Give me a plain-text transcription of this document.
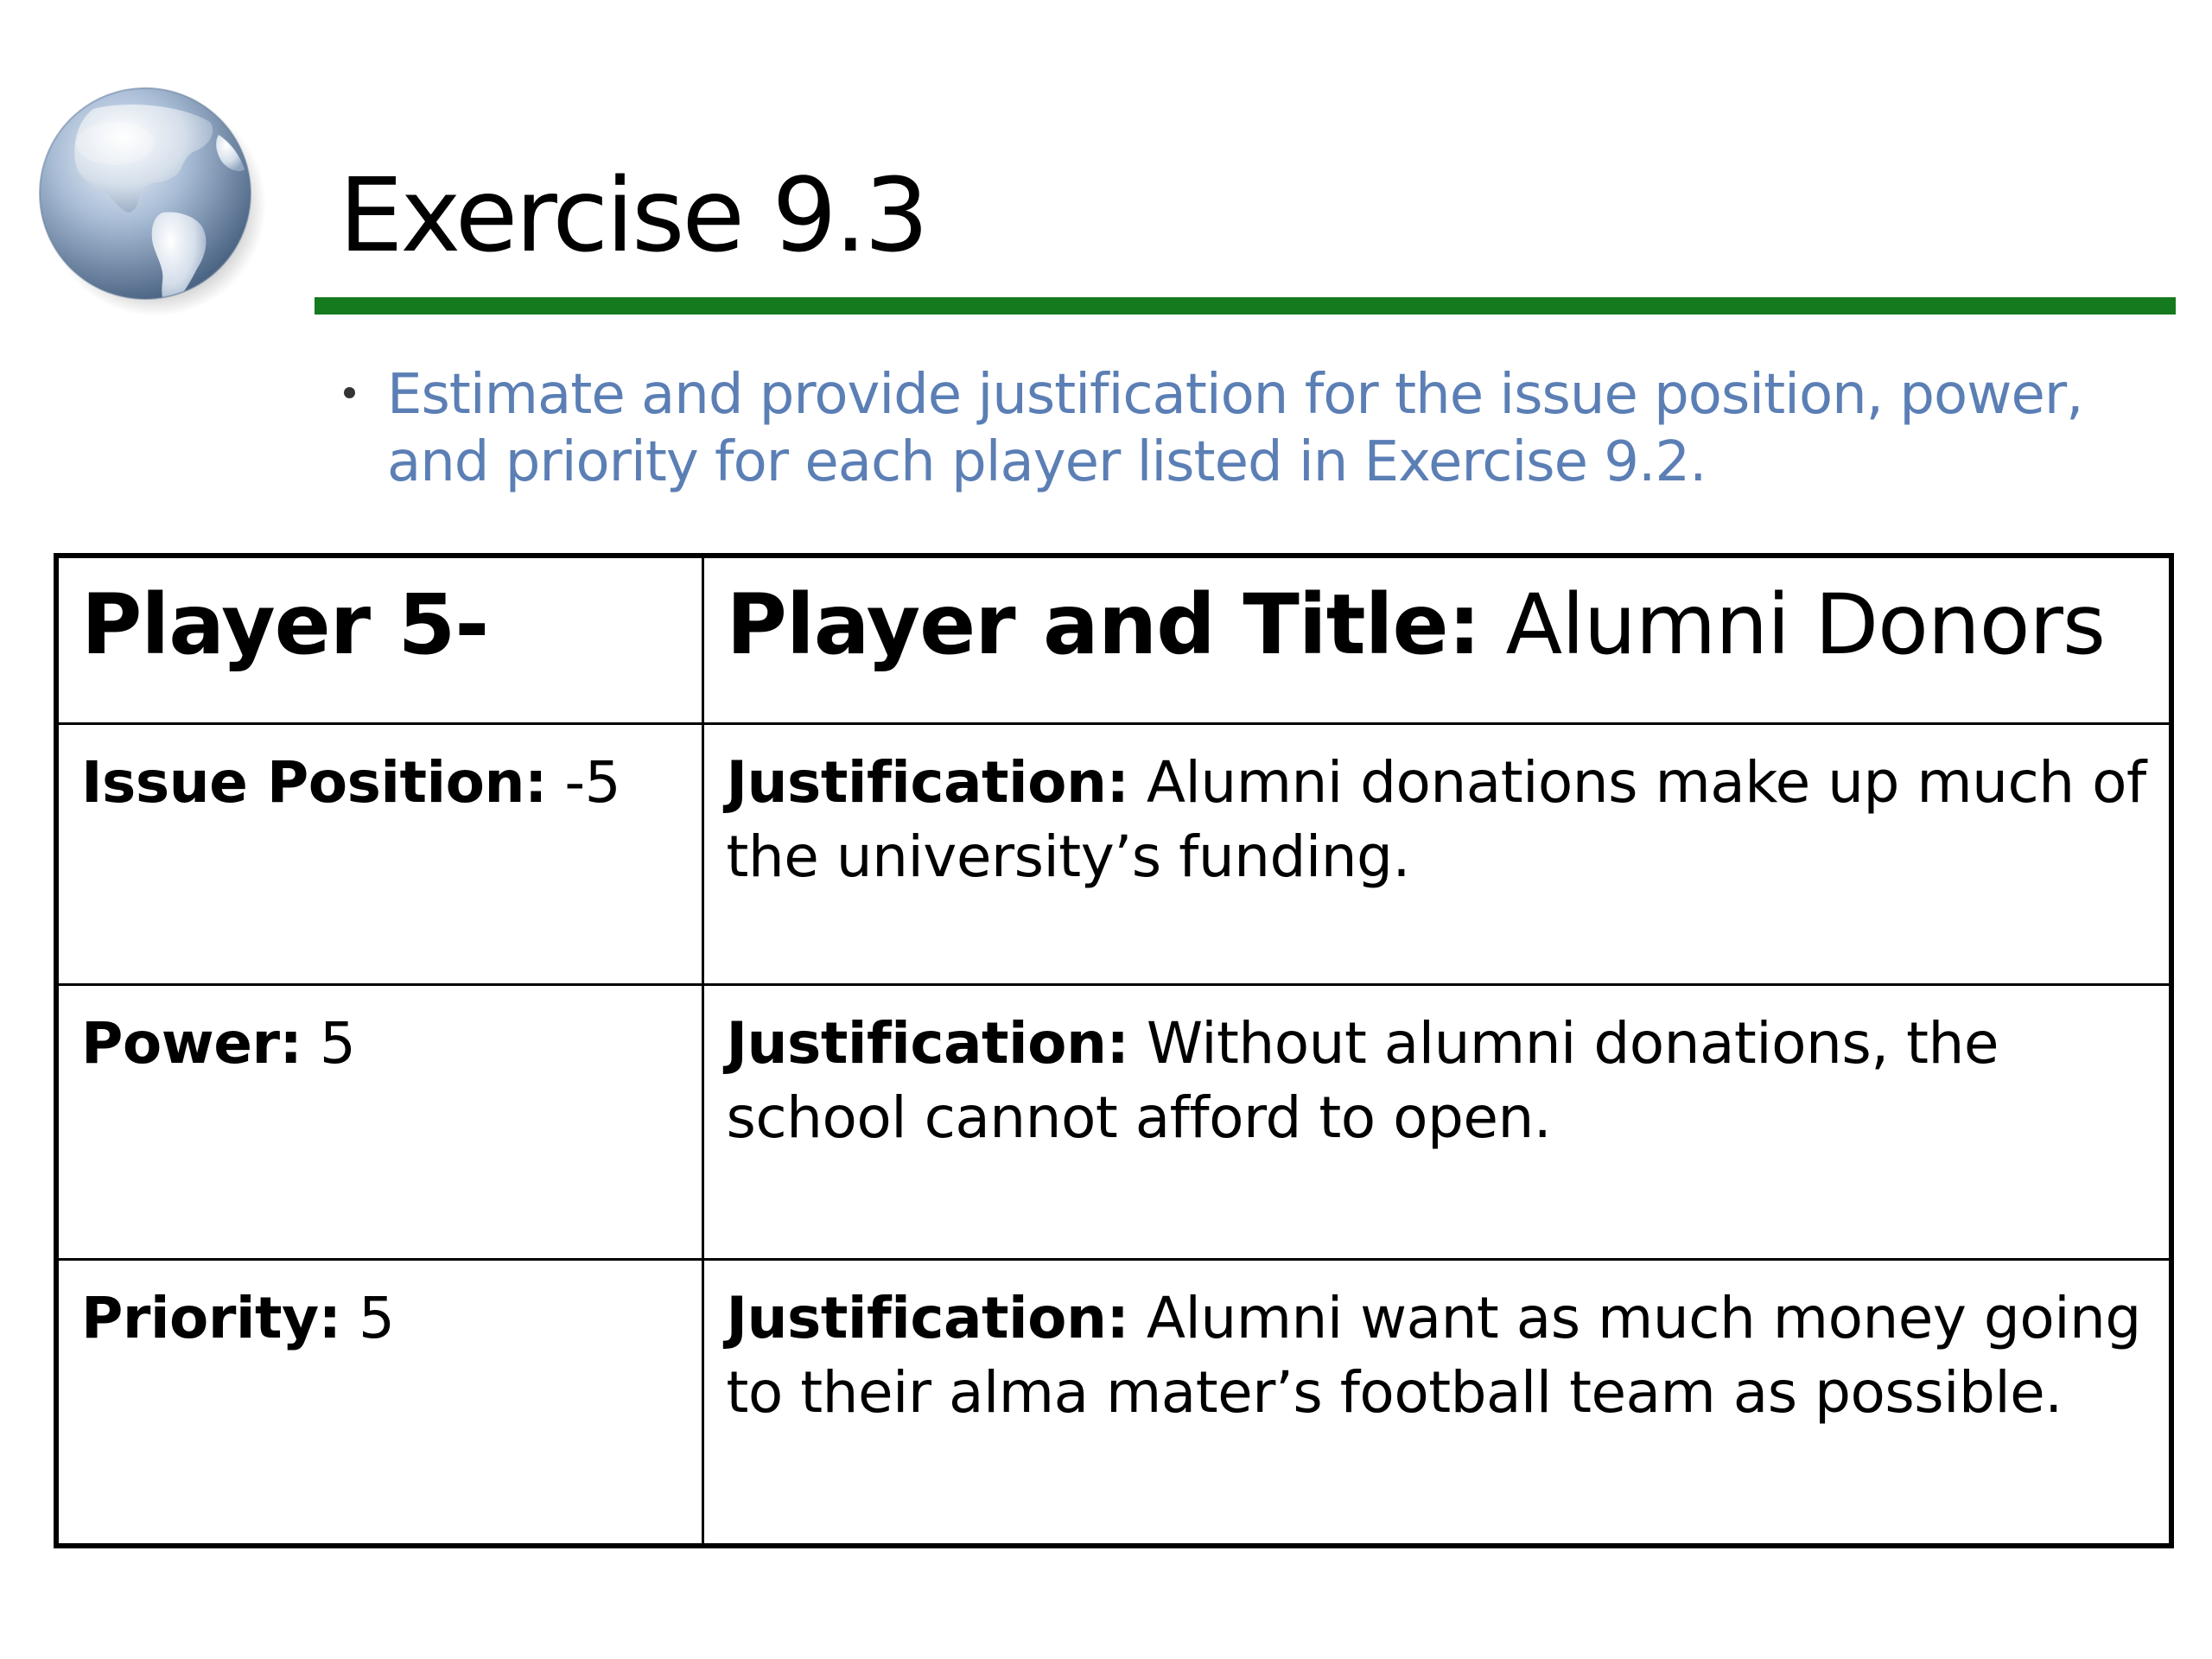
Exercise 9.3
Estimate and provide justification for the issue position, power, and priority for each player listed in Exercise 9.2.
Player 5-	Player and Title: Alumni Donors

Issue Position: -5	Justification: Alumni donations make up much of the university’s funding.

Power: 5	Justification: Without alumni donations, the school cannot afford to open.

Priority: 5	Justification: Alumni want as much money going to their alma mater’s football team as possible.
